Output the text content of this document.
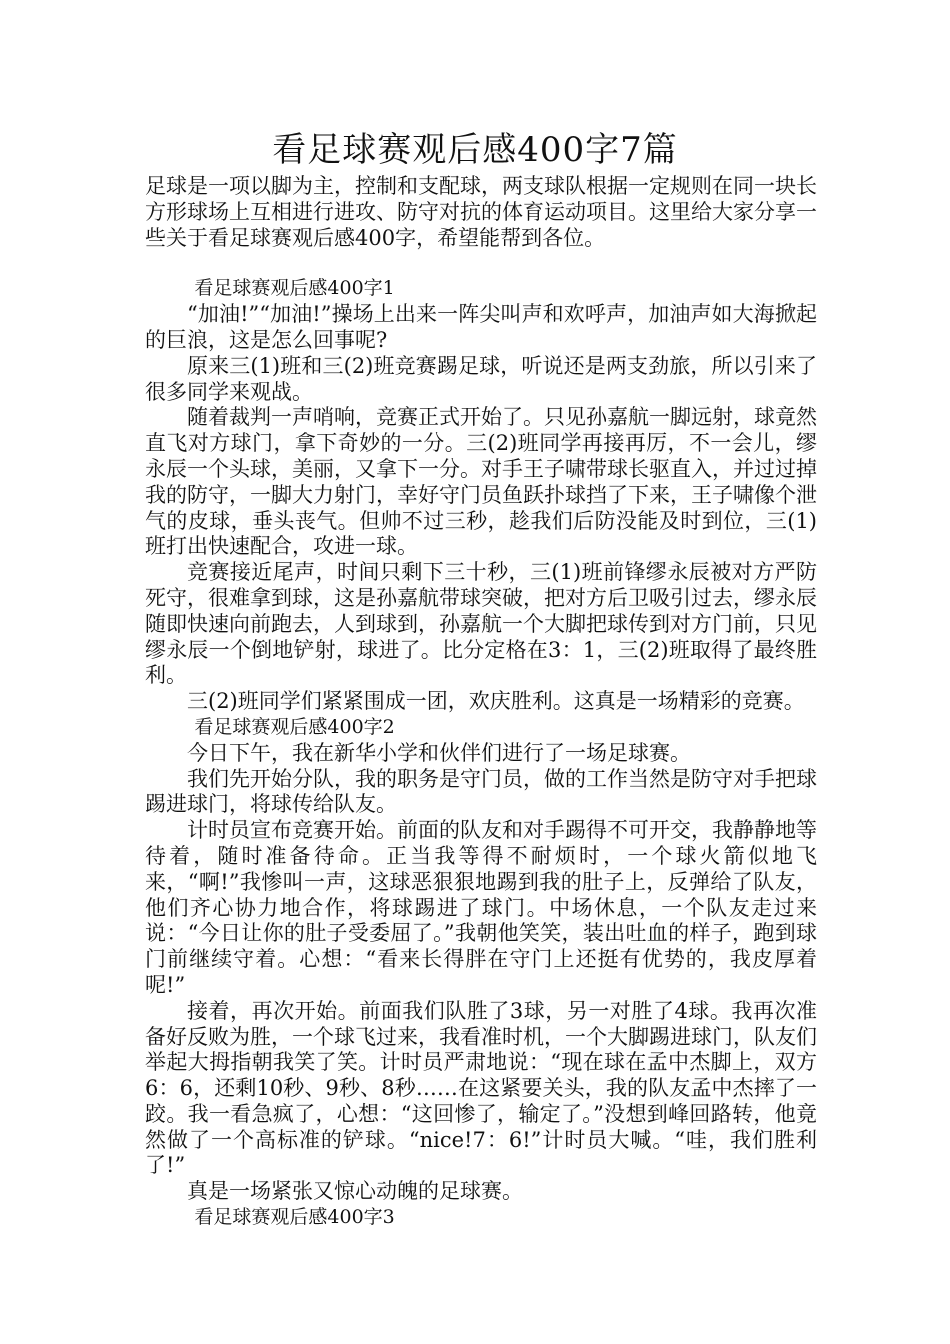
看足球赛观后感400字7篇

足球是一项以脚为主，控制和支配球，两支球队根据一定规则在同一块长方形球场上互相进行进攻、防守对抗的体育运动项目。这里给大家分享一些关于看足球赛观后感400字，希望能帮到各位。

看足球赛观后感400字1

“加油!”“加油!”操场上出来一阵尖叫声和欢呼声，加油声如大海掀起的巨浪，这是怎么回事呢?

原来三(1)班和三(2)班竞赛踢足球，听说还是两支劲旅，所以引来了很多同学来观战。

随着裁判一声哨响，竞赛正式开始了。只见孙嘉航一脚远射，球竟然直飞对方球门，拿下奇妙的一分。三(2)班同学再接再厉，不一会儿，缪永辰一个头球，美丽，又拿下一分。对手王子啸带球长驱直入，并过过掉我的防守，一脚大力射门，幸好守门员鱼跃扑球挡了下来，王子啸像个泄气的皮球，垂头丧气。但帅不过三秒，趁我们后防没能及时到位，三(1)班打出快速配合，攻进一球。

竞赛接近尾声，时间只剩下三十秒，三(1)班前锋缪永辰被对方严防死守，很难拿到球，这是孙嘉航带球突破，把对方后卫吸引过去，缪永辰随即快速向前跑去，人到球到，孙嘉航一个大脚把球传到对方门前，只见缪永辰一个倒地铲射，球进了。比分定格在3：1，三(2)班取得了最终胜利。

三(2)班同学们紧紧围成一团，欢庆胜利。这真是一场精彩的竞赛。

看足球赛观后感400字2

今日下午，我在新华小学和伙伴们进行了一场足球赛。

我们先开始分队，我的职务是守门员，做的工作当然是防守对手把球踢进球门，将球传给队友。

计时员宣布竞赛开始。前面的队友和对手踢得不可开交，我静静地等待着，随时准备待命。正当我等得不耐烦时，一个球火箭似地飞来，“啊!”我惨叫一声，这球恶狠狠地踢到我的肚子上，反弹给了队友，他们齐心协力地合作，将球踢进了球门。中场休息，一个队友走过来说：“今日让你的肚子受委屈了。”我朝他笑笑，装出吐血的样子，跑到球门前继续守着。心想：“看来长得胖在守门上还挺有优势的，我皮厚着呢!”

接着，再次开始。前面我们队胜了3球，另一对胜了4球。我再次准备好反败为胜，一个球飞过来，我看准时机，一个大脚踢进球门，队友们举起大拇指朝我笑了笑。计时员严肃地说：“现在球在孟中杰脚上，双方6：6，还剩10秒、9秒、8秒……在这紧要关头，我的队友孟中杰摔了一跤。我一看急疯了，心想：“这回惨了，输定了。”没想到峰回路转，他竟然做了一个高标准的铲球。“nice!7：6!”计时员大喊。“哇，我们胜利了!”

真是一场紧张又惊心动魄的足球赛。

看足球赛观后感400字3
